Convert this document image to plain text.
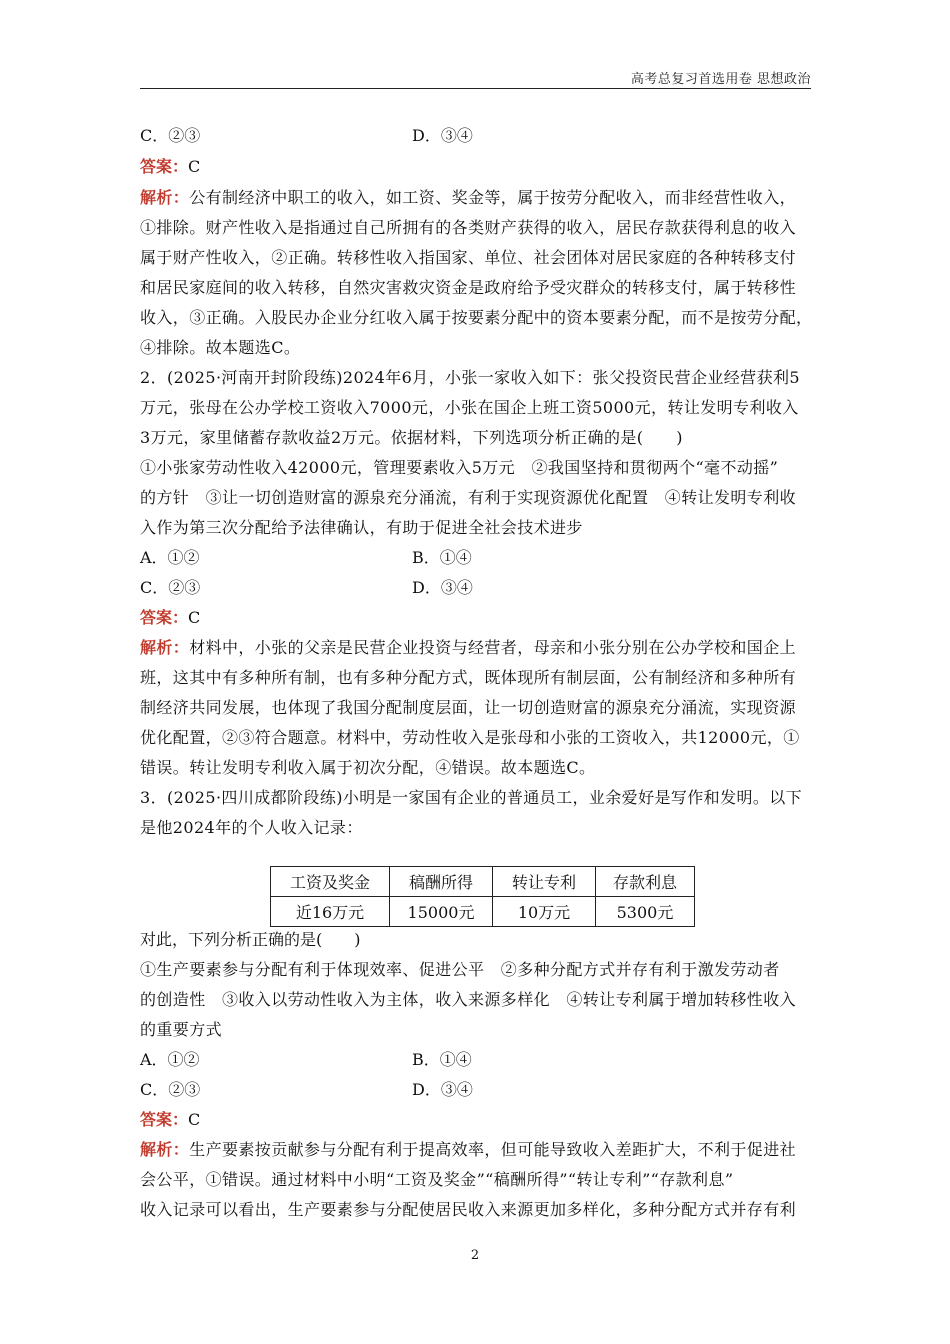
高考总复习首选用卷 思想政治
C．②③	D．③④
答案：C
解析：公有制经济中职工的收入，如工资、奖金等，属于按劳分配收入，而非经营性收入，
①排除。财产性收入是指通过自己所拥有的各类财产获得的收入，居民存款获得利息的收入
属于财产性收入，②正确。转移性收入指国家、单位、社会团体对居民家庭的各种转移支付
和居民家庭间的收入转移，自然灾害救灾资金是政府给予受灾群众的转移支付，属于转移性
收入，③正确。入股民办企业分红收入属于按要素分配中的资本要素分配，而不是按劳分配，
④排除。故本题选C。
2．(2025·河南开封阶段练)2024年6月，小张一家收入如下：张父投资民营企业经营获利5
万元，张母在公办学校工资收入7000元，小张在国企上班工资5000元，转让发明专利收入
3万元，家里储蓄存款收益2万元。依据材料，下列选项分析正确的是(　　)
①小张家劳动性收入42000元，管理要素收入5万元　②我国坚持和贯彻两个“毫不动摇”
的方针　③让一切创造财富的源泉充分涌流，有利于实现资源优化配置　④转让发明专利收
入作为第三次分配给予法律确认，有助于促进全社会技术进步
A．①②	B．①④
C．②③	D．③④
答案：C
解析：材料中，小张的父亲是民营企业投资与经营者，母亲和小张分别在公办学校和国企上
班，这其中有多种所有制，也有多种分配方式，既体现所有制层面，公有制经济和多种所有
制经济共同发展，也体现了我国分配制度层面，让一切创造财富的源泉充分涌流，实现资源
优化配置，②③符合题意。材料中，劳动性收入是张母和小张的工资收入，共12000元，①
错误。转让发明专利收入属于初次分配，④错误。故本题选C。
3．(2025·四川成都阶段练)小明是一家国有企业的普通员工，业余爱好是写作和发明。以下
是他2024年的个人收入记录：
工资及奖金	稿酬所得	转让专利	存款利息
近16万元	15000元	10万元	5300元
对此，下列分析正确的是(　　)
①生产要素参与分配有利于体现效率、促进公平　②多种分配方式并存有利于激发劳动者
的创造性　③收入以劳动性收入为主体，收入来源多样化　④转让专利属于增加转移性收入
的重要方式
A．①②	B．①④
C．②③	D．③④
答案：C
解析：生产要素按贡献参与分配有利于提高效率，但可能导致收入差距扩大，不利于促进社
会公平，①错误。通过材料中小明“工资及奖金”“稿酬所得”“转让专利”“存款利息”
收入记录可以看出，生产要素参与分配使居民收入来源更加多样化，多种分配方式并存有利
2
